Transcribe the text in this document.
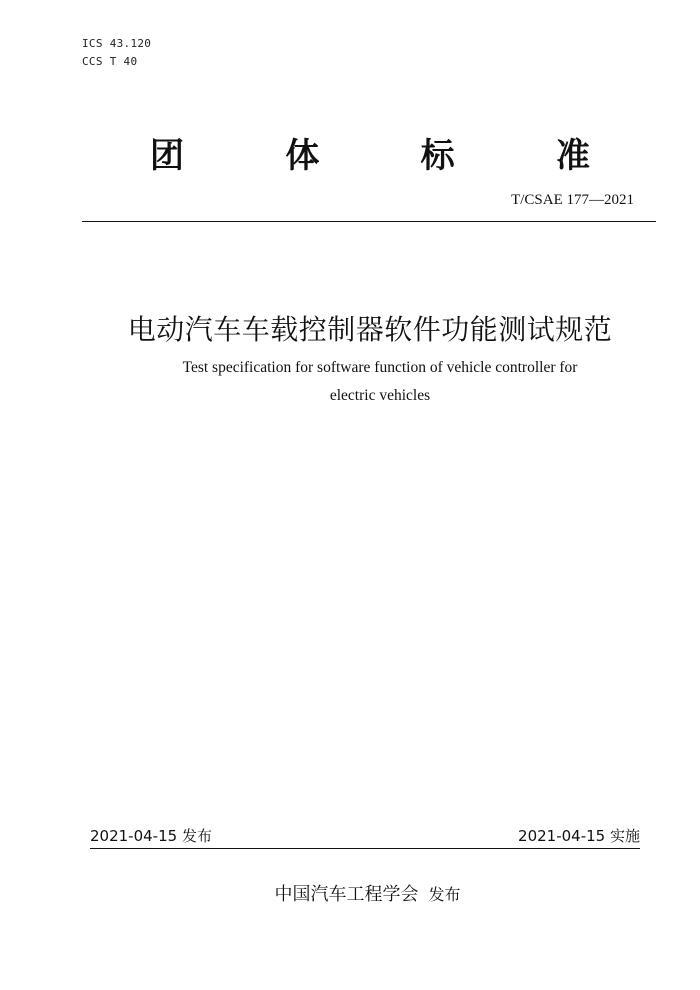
ICS 43.120
CCS T 40
团	体	标	准
T/CSAE 177—2021
电动汽车车载控制器软件功能测试规范
Test specification for software function of vehicle controller for
electric vehicles
2021-04-15 发布	2021-04-15 实施
中国汽车工程学会 发布
